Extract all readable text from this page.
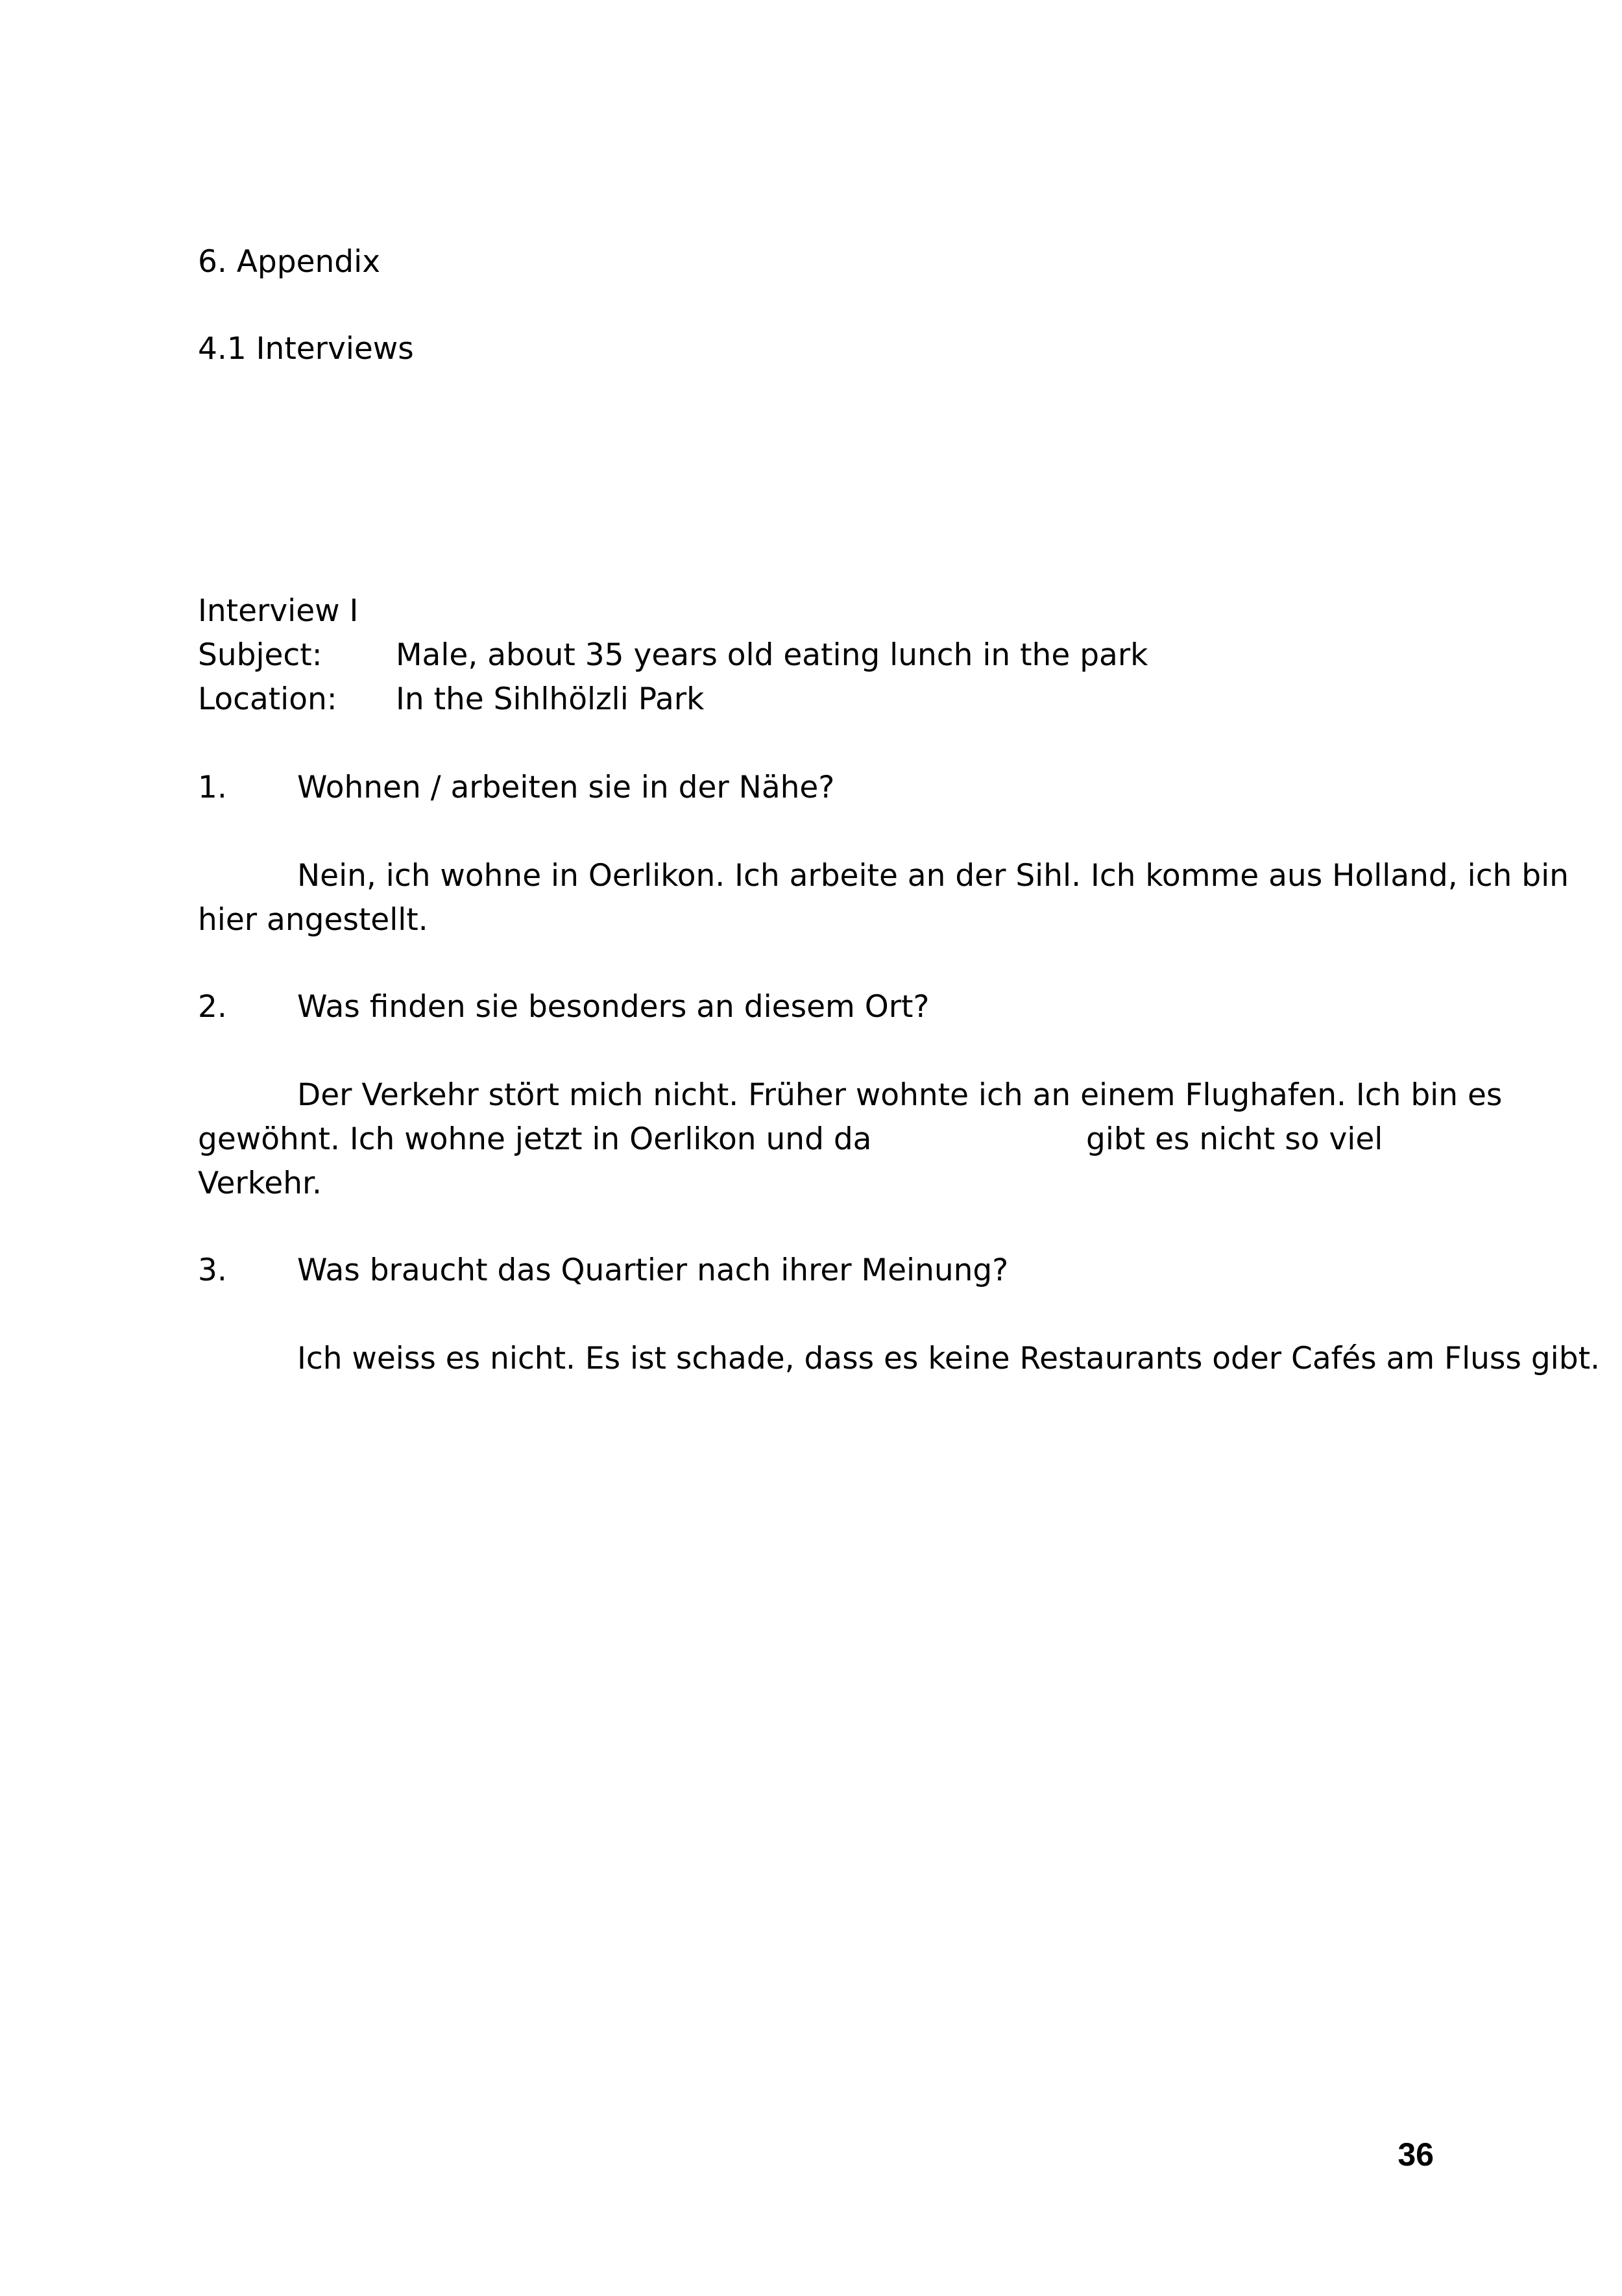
6. Appendix
4.1 Interviews
Interview I
Subject: Male, about 35 years old eating lunch in the park
Location: In the Sihlhölzli Park
1. Wohnen / arbeiten sie in der Nähe?
Nein, ich wohne in Oerlikon. Ich arbeite an der Sihl. Ich komme aus Holland, ich bin
hier angestellt.
2. Was finden sie besonders an diesem Ort?
Der Verkehr stört mich nicht. Früher wohnte ich an einem Flughafen. Ich bin es
gewöhnt. Ich wohne jetzt in Oerlikon und da	gibt es nicht so viel
Verkehr.
3. Was braucht das Quartier nach ihrer Meinung?
Ich weiss es nicht. Es ist schade, dass es keine Restaurants oder Cafés am Fluss gibt.
36
